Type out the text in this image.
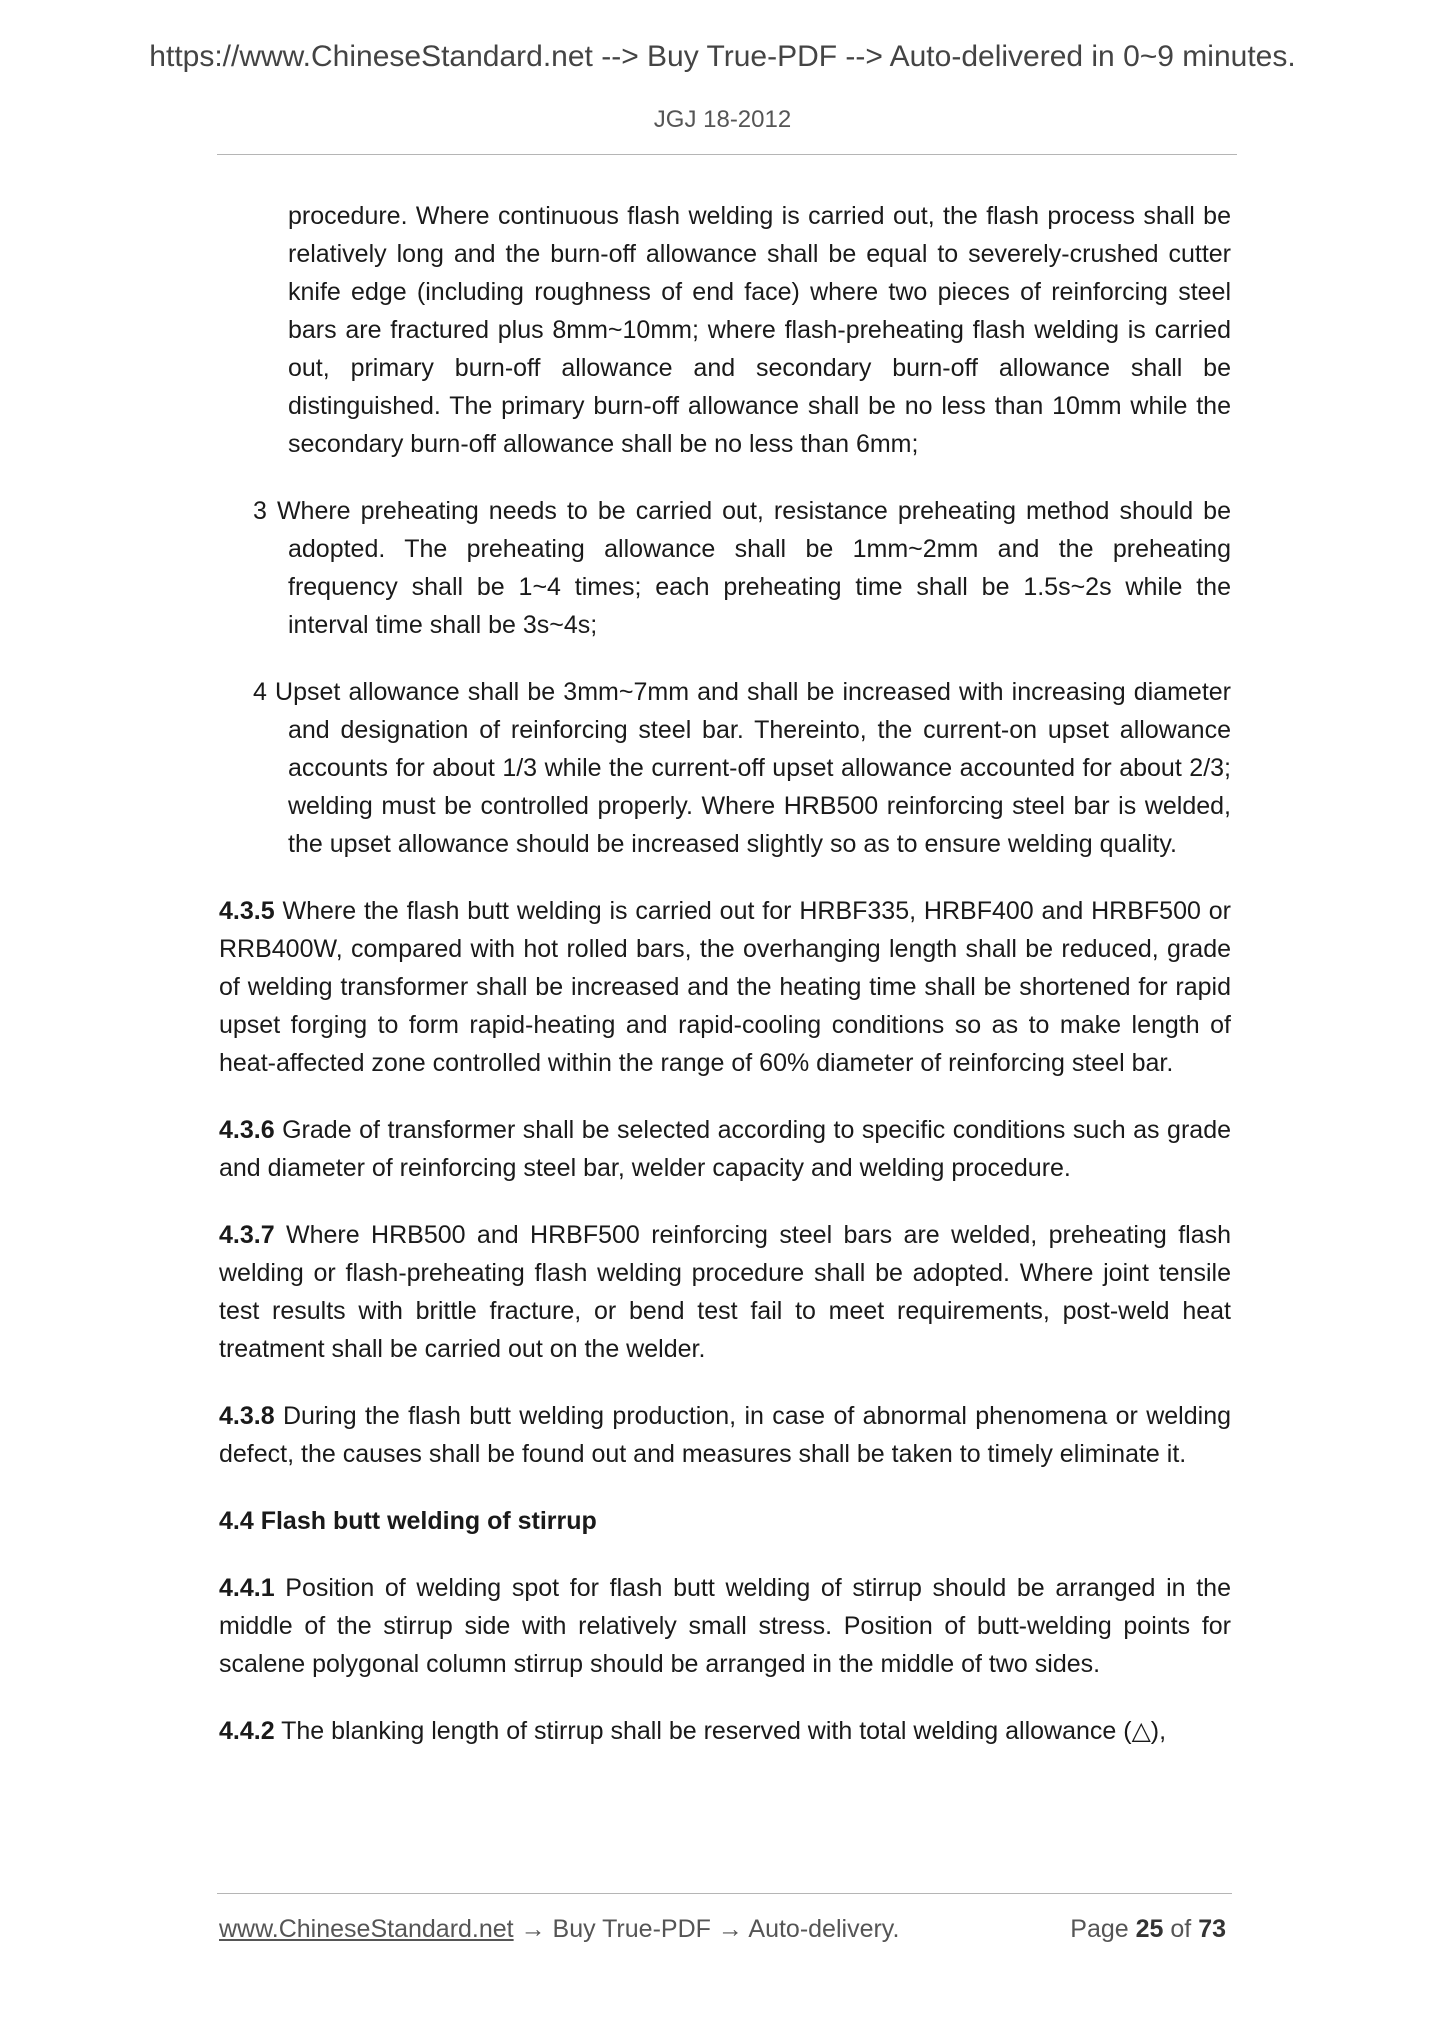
https://www.ChineseStandard.net --> Buy True-PDF --> Auto-delivered in 0~9 minutes.
JGJ 18-2012

procedure. Where continuous flash welding is carried out, the flash process shall be relatively long and the burn-off allowance shall be equal to severely-crushed cutter knife edge (including roughness of end face) where two pieces of reinforcing steel bars are fractured plus 8mm~10mm; where flash-preheating flash welding is carried out, primary burn-off allowance and secondary burn-off allowance shall be distinguished. The primary burn-off allowance shall be no less than 10mm while the secondary burn-off allowance shall be no less than 6mm;

3 Where preheating needs to be carried out, resistance preheating method should be adopted. The preheating allowance shall be 1mm~2mm and the preheating frequency shall be 1~4 times; each preheating time shall be 1.5s~2s while the interval time shall be 3s~4s;

4 Upset allowance shall be 3mm~7mm and shall be increased with increasing diameter and designation of reinforcing steel bar. Thereinto, the current-on upset allowance accounts for about 1/3 while the current-off upset allowance accounted for about 2/3; welding must be controlled properly. Where HRB500 reinforcing steel bar is welded, the upset allowance should be increased slightly so as to ensure welding quality.

4.3.5 Where the flash butt welding is carried out for HRBF335, HRBF400 and HRBF500 or RRB400W, compared with hot rolled bars, the overhanging length shall be reduced, grade of welding transformer shall be increased and the heating time shall be shortened for rapid upset forging to form rapid-heating and rapid-cooling conditions so as to make length of heat-affected zone controlled within the range of 60% diameter of reinforcing steel bar.

4.3.6 Grade of transformer shall be selected according to specific conditions such as grade and diameter of reinforcing steel bar, welder capacity and welding procedure.

4.3.7 Where HRB500 and HRBF500 reinforcing steel bars are welded, preheating flash welding or flash-preheating flash welding procedure shall be adopted. Where joint tensile test results with brittle fracture, or bend test fail to meet requirements, post-weld heat treatment shall be carried out on the welder.

4.3.8 During the flash butt welding production, in case of abnormal phenomena or welding defect, the causes shall be found out and measures shall be taken to timely eliminate it.

4.4 Flash butt welding of stirrup

4.4.1 Position of welding spot for flash butt welding of stirrup should be arranged in the middle of the stirrup side with relatively small stress. Position of butt-welding points for scalene polygonal column stirrup should be arranged in the middle of two sides.

4.4.2 The blanking length of stirrup shall be reserved with total welding allowance (△),

www.ChineseStandard.net → Buy True-PDF → Auto-delivery.	Page 25 of 73
